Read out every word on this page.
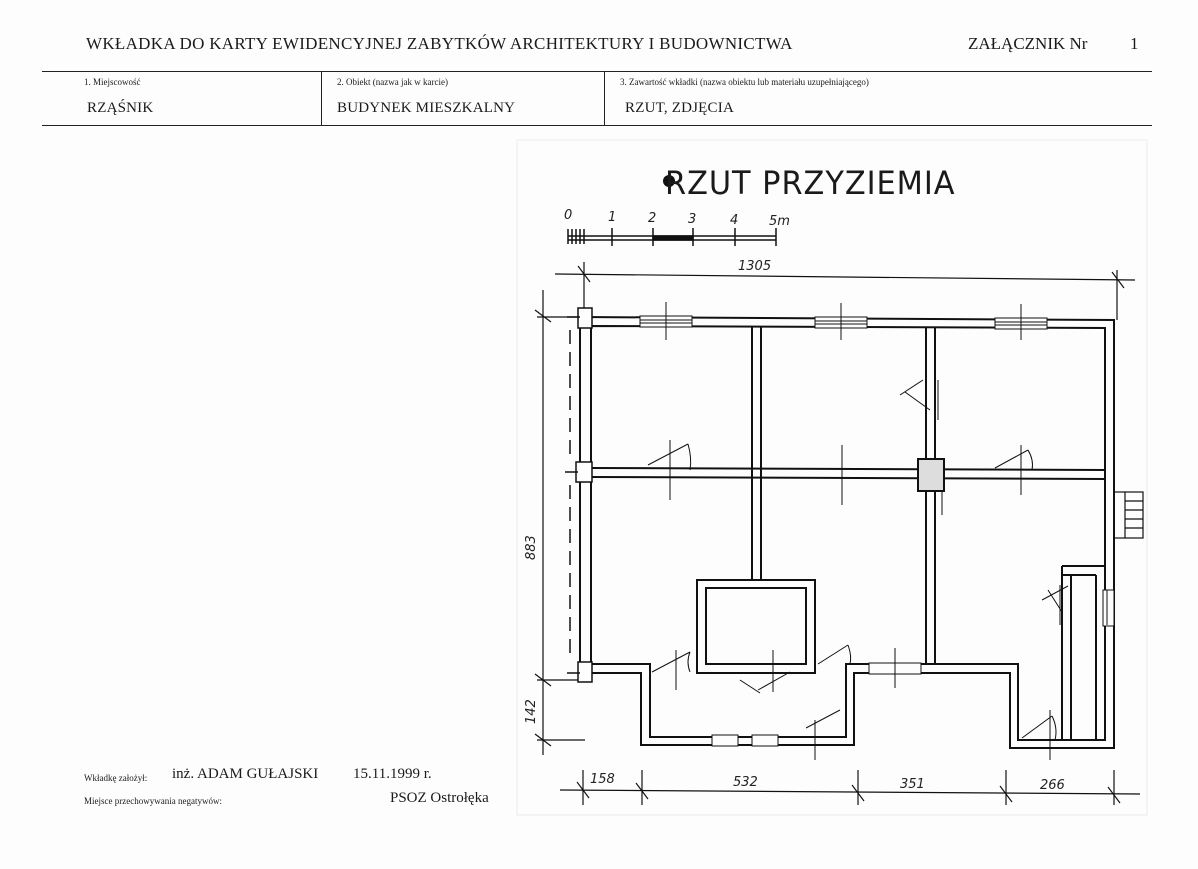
WKŁADKA DO KARTY EWIDENCYJNEJ ZABYTKÓW ARCHITEKTURY I BUDOWNICTWA	ZAŁĄCZNIK Nr	1
1. Miejscowość
RZĄŚNIK
2. Obiekt (nazwa jak w karcie)
BUDYNEK MIESZKALNY
3. Zawartość wkładki (nazwa obiektu lub materiału uzupełniającego)
RZUT, ZDJĘCIA
Wkładkę założył: inż. ADAM GUŁAJSKI 15.11.1999 r.
Miejsce przechowywania negatywów:	PSOZ Ostrołęka
RZUT PRZYZIEMIA
0	1 2 3	4 5m
1305
883
142
158	532	351	266
